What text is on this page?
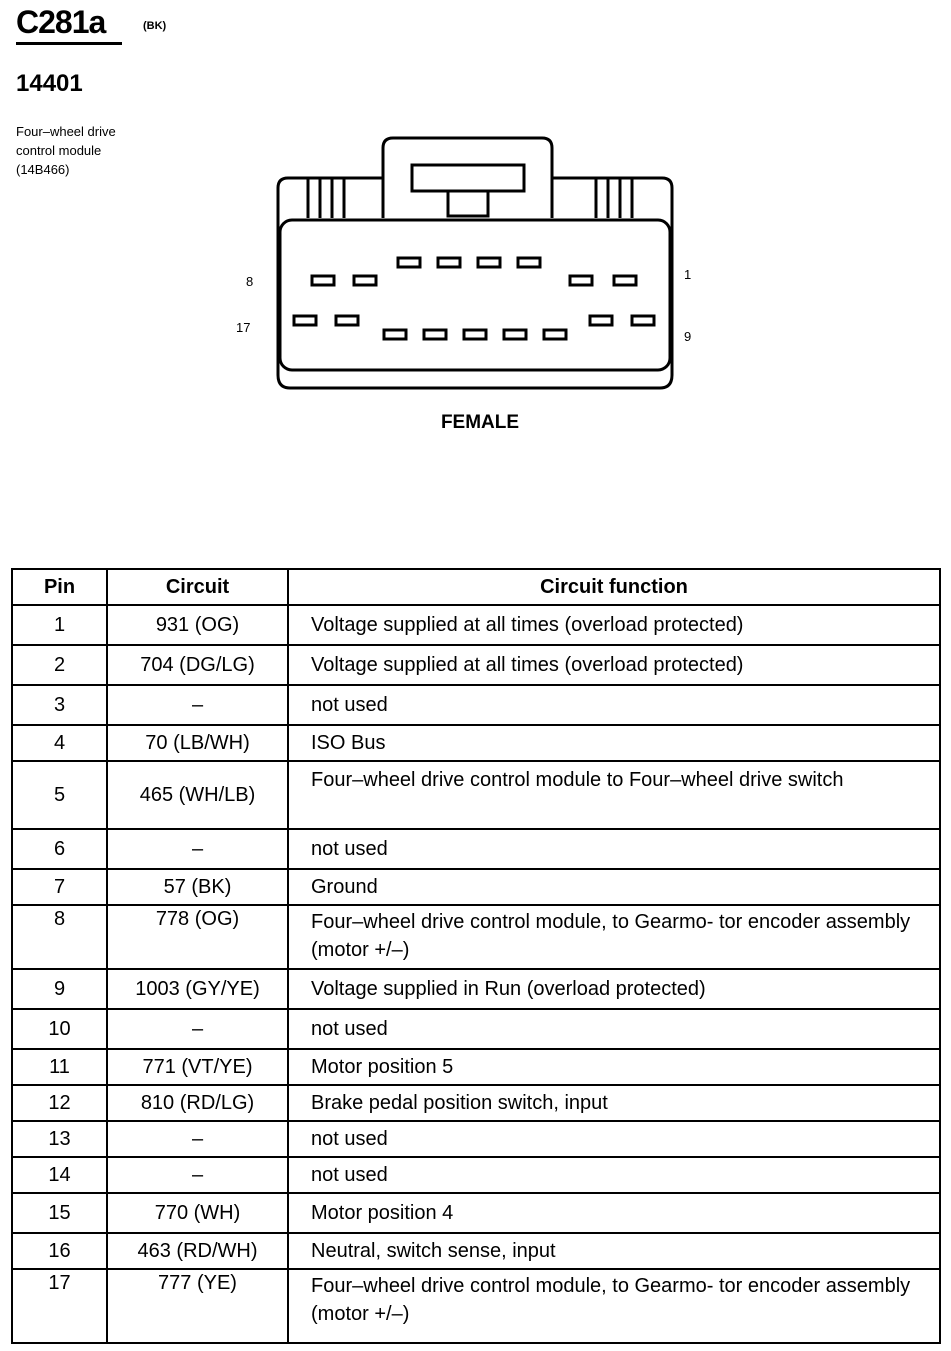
C281a	(BK)
14401
Four–wheel drive
control module
(14B466)
8
17
1
9
FEMALE
Pin	Circuit	Circuit function
1	931 (OG)	Voltage supplied at all times (overload protected)
2	704 (DG/LG)	Voltage supplied at all times (overload protected)
3	–	not used
4	70 (LB/WH)	ISO Bus
5	465 (WH/LB)	Four–wheel drive control module to Four–wheel drive switch
6	–	not used
7	57 (BK)	Ground
8	778 (OG)	Four–wheel drive control module, to Gearmo- tor encoder assembly (motor +/–)
9	1003 (GY/YE)	Voltage supplied in Run (overload protected)
10	–	not used
11	771 (VT/YE)	Motor position 5
12	810 (RD/LG)	Brake pedal position switch, input
13	–	not used
14	–	not used
15	770 (WH)	Motor position 4
16	463 (RD/WH)	Neutral, switch sense, input
17	777 (YE)	Four–wheel drive control module, to Gearmo- tor encoder assembly (motor +/–)
